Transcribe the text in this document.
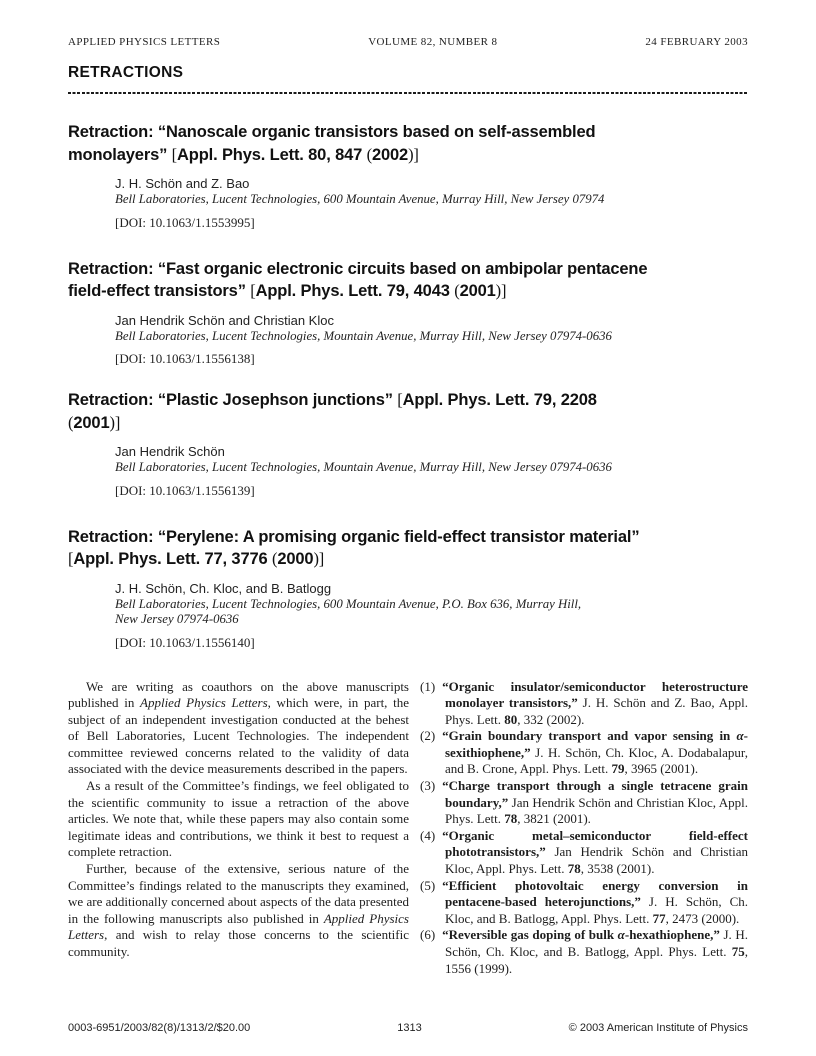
APPLIED PHYSICS LETTERS	VOLUME 82, NUMBER 8	24 FEBRUARY 2003
RETRACTIONS
Retraction: “Nanoscale organic transistors based on self-assembled
monolayers” [Appl. Phys. Lett. 80, 847 (2002)]
J. H. Schön and Z. Bao
Bell Laboratories, Lucent Technologies, 600 Mountain Avenue, Murray Hill, New Jersey 07974
[DOI: 10.1063/1.1553995]
Retraction: “Fast organic electronic circuits based on ambipolar pentacene
field-effect transistors” [Appl. Phys. Lett. 79, 4043 (2001)]
Jan Hendrik Schön and Christian Kloc
Bell Laboratories, Lucent Technologies, Mountain Avenue, Murray Hill, New Jersey 07974-0636
[DOI: 10.1063/1.1556138]
Retraction: “Plastic Josephson junctions” [Appl. Phys. Lett. 79, 2208
(2001)]
Jan Hendrik Schön
Bell Laboratories, Lucent Technologies, Mountain Avenue, Murray Hill, New Jersey 07974-0636
[DOI: 10.1063/1.1556139]
Retraction: “Perylene: A promising organic field-effect transistor material”
[Appl. Phys. Lett. 77, 3776 (2000)]
J. H. Schön, Ch. Kloc, and B. Batlogg
Bell Laboratories, Lucent Technologies, 600 Mountain Avenue, P.O. Box 636, Murray Hill,
New Jersey 07974-0636
[DOI: 10.1063/1.1556140]

We are writing as coauthors on the above manuscripts published in Applied Physics Letters, which were, in part, the subject of an independent investigation conducted at the behest of Bell Laboratories, Lucent Technologies. The independent committee reviewed concerns related to the validity of data associated with the device measurements described in the papers.

As a result of the Committee’s findings, we feel obligated to the scientific community to issue a retraction of the above articles. We note that, while these papers may also contain some legitimate ideas and contributions, we think it best to request a complete retraction.

Further, because of the extensive, serious nature of the Committee’s findings related to the manuscripts they examined, we are additionally concerned about aspects of the data presented in the following manuscripts also published in Applied Physics Letters, and wish to relay those concerns to the scientific community.

(1) “Organic insulator/semiconductor heterostructure monolayer transistors,” J. H. Schön and Z. Bao, Appl. Phys. Lett. 80, 332 (2002).

(2) “Grain boundary transport and vapor sensing in α-sexithiophene,” J. H. Schön, Ch. Kloc, A. Dodabalapur, and B. Crone, Appl. Phys. Lett. 79, 3965 (2001).

(3) “Charge transport through a single tetracene grain boundary,” Jan Hendrik Schön and Christian Kloc, Appl. Phys. Lett. 78, 3821 (2001).

(4) “Organic metal–semiconductor field-effect phototransistors,” Jan Hendrik Schön and Christian Kloc, Appl. Phys. Lett. 78, 3538 (2001).

(5) “Efficient photovoltaic energy conversion in pentacene-based heterojunctions,” J. H. Schön, Ch. Kloc, and B. Batlogg, Appl. Phys. Lett. 77, 2473 (2000).

(6) “Reversible gas doping of bulk α-hexathiophene,” J. H. Schön, Ch. Kloc, and B. Batlogg, Appl. Phys. Lett. 75, 1556 (1999).

0003-6951/2003/82(8)/1313/2/$20.00	1313	© 2003 American Institute of Physics
